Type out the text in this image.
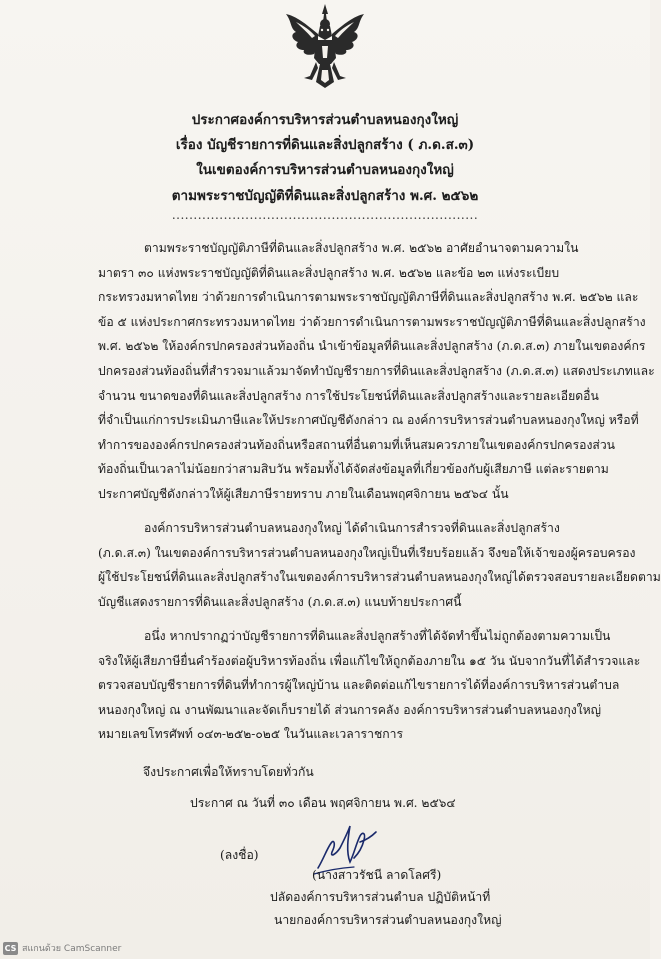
ประกาศองค์การบริหารส่วนตำบลหนองกุงใหญ่
เรื่อง บัญชีรายการที่ดินและสิ่งปลูกสร้าง ( ภ.ด.ส.๓)
ในเขตองค์การบริหารส่วนตำบลหนองกุงใหญ่
ตามพระราชบัญญัติที่ดินและสิ่งปลูกสร้าง พ.ศ. ๒๕๖๒
.......................................................................
ตามพระราชบัญญัติภาษีที่ดินและสิ่งปลูกสร้าง พ.ศ. ๒๕๖๒ อาศัยอำนาจตามความใน
มาตรา ๓๐ แห่งพระราชบัญญัติที่ดินและสิ่งปลูกสร้าง พ.ศ. ๒๕๖๒ และข้อ ๒๓ แห่งระเบียบ
กระทรวงมหาดไทย ว่าด้วยการดำเนินการตามพระราชบัญญัติภาษีที่ดินและสิ่งปลูกสร้าง พ.ศ. ๒๕๖๒ และ
ข้อ ๕ แห่งประกาศกระทรวงมหาดไทย ว่าด้วยการดำเนินการตามพระราชบัญญัติภาษีที่ดินและสิ่งปลูกสร้าง
พ.ศ. ๒๕๖๒ ให้องค์กรปกครองส่วนท้องถิ่น นำเข้าข้อมูลที่ดินและสิ่งปลูกสร้าง (ภ.ด.ส.๓) ภายในเขตองค์กร
ปกครองส่วนท้องถิ่นที่สำรวจมาแล้วมาจัดทำบัญชีรายการที่ดินและสิ่งปลูกสร้าง (ภ.ด.ส.๓) แสดงประเภทและ
จำนวน ขนาดของที่ดินและสิ่งปลูกสร้าง การใช้ประโยชน์ที่ดินและสิ่งปลูกสร้างและรายละเอียดอื่น
ที่จำเป็นแก่การประเมินภาษีและให้ประกาศบัญชีดังกล่าว ณ องค์การบริหารส่วนตำบลหนองกุงใหญ่ หรือที่
ทำการขององค์กรปกครองส่วนท้องถิ่นหรือสถานที่อื่นตามที่เห็นสมควรภายในเขตองค์กรปกครองส่วน
ท้องถิ่นเป็นเวลาไม่น้อยกว่าสามสิบวัน พร้อมทั้งได้จัดส่งข้อมูลที่เกี่ยวข้องกับผู้เสียภาษี แต่ละรายตาม
ประกาศบัญชีดังกล่าวให้ผู้เสียภาษีรายทราบ ภายในเดือนพฤศจิกายน ๒๕๖๔ นั้น
องค์การบริหารส่วนตำบลหนองกุงใหญ่ ได้ดำเนินการสำรวจที่ดินและสิ่งปลูกสร้าง
(ภ.ด.ส.๓) ในเขตองค์การบริหารส่วนตำบลหนองกุงใหญ่เป็นที่เรียบร้อยแล้ว จึงขอให้เจ้าของผู้ครอบครอง
ผู้ใช้ประโยชน์ที่ดินและสิ่งปลูกสร้างในเขตองค์การบริหารส่วนตำบลหนองกุงใหญ่ได้ตรวจสอบรายละเอียดตาม
บัญชีแสดงรายการที่ดินและสิ่งปลูกสร้าง (ภ.ด.ส.๓) แนบท้ายประกาศนี้
อนึ่ง หากปรากฏว่าบัญชีรายการที่ดินและสิ่งปลูกสร้างที่ได้จัดทำขึ้นไม่ถูกต้องตามความเป็น
จริงให้ผู้เสียภาษียื่นคำร้องต่อผู้บริหารท้องถิ่น เพื่อแก้ไขให้ถูกต้องภายใน ๑๕ วัน นับจากวันที่ได้สำรวจและ
ตรวจสอบบัญชีรายการที่ดินที่ทำการผู้ใหญ่บ้าน และติดต่อแก้ไขรายการได้ที่องค์การบริหารส่วนตำบล
หนองกุงใหญ่ ณ งานพัฒนาและจัดเก็บรายได้ ส่วนการคลัง องค์การบริหารส่วนตำบลหนองกุงใหญ่
หมายเลขโทรศัพท์ ๐๔๓-๒๕๒-๐๒๕ ในวันและเวลาราชการ
จึงประกาศเพื่อให้ทราบโดยทั่วกัน
ประกาศ ณ วันที่ ๓๐ เดือน พฤศจิกายน พ.ศ. ๒๕๖๔
(ลงชื่อ)
(นางสาวรัชนี ลาดโลศรี)
ปลัดองค์การบริหารส่วนตำบล ปฏิบัติหน้าที่
นายกองค์การบริหารส่วนตำบลหนองกุงใหญ่
CS สแกนด้วย CamScanner
